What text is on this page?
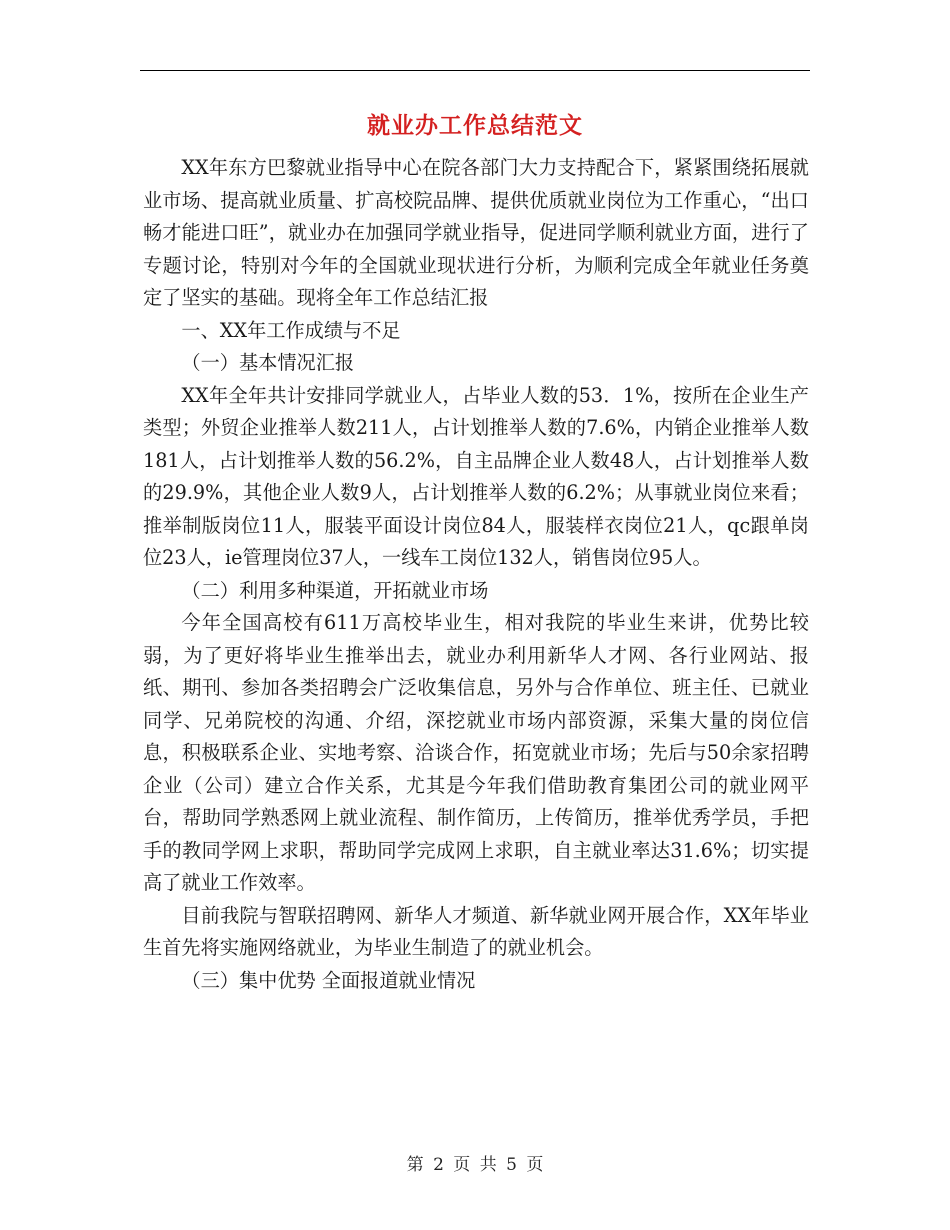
就业办工作总结范文

XX年东方巴黎就业指导中心在院各部门大力支持配合下，紧紧围绕拓展就业市场、提高就业质量、扩高校院品牌、提供优质就业岗位为工作重心，“出口畅才能进口旺”，就业办在加强同学就业指导，促进同学顺利就业方面，进行了专题讨论，特别对今年的全国就业现状进行分析，为顺利完成全年就业任务奠定了坚实的基础。现将全年工作总结汇报

一、XX年工作成绩与不足

（一）基本情况汇报

XX年全年共计安排同学就业人，占毕业人数的53．1%，按所在企业生产类型；外贸企业推举人数211人，占计划推举人数的7.6%，内销企业推举人数181人，占计划推举人数的56.2%，自主品牌企业人数48人，占计划推举人数的29.9%，其他企业人数9人，占计划推举人数的6.2%；从事就业岗位来看；推举制版岗位11人，服装平面设计岗位84人，服装样衣岗位21人，qc跟单岗位23人，ie管理岗位37人，一线车工岗位132人，销售岗位95人。

（二）利用多种渠道，开拓就业市场

今年全国高校有611万高校毕业生，相对我院的毕业生来讲，优势比较弱，为了更好将毕业生推举出去，就业办利用新华人才网、各行业网站、报纸、期刊、参加各类招聘会广泛收集信息，另外与合作单位、班主任、已就业同学、兄弟院校的沟通、介绍，深挖就业市场内部资源，采集大量的岗位信息，积极联系企业、实地考察、洽谈合作，拓宽就业市场；先后与50余家招聘企业（公司）建立合作关系，尤其是今年我们借助教育集团公司的就业网平台，帮助同学熟悉网上就业流程、制作简历，上传简历，推举优秀学员，手把手的教同学网上求职，帮助同学完成网上求职，自主就业率达31.6%；切实提高了就业工作效率。

目前我院与智联招聘网、新华人才频道、新华就业网开展合作，XX年毕业生首先将实施网络就业，为毕业生制造了的就业机会。

（三）集中优势 全面报道就业情况

第 2 页 共 5 页
